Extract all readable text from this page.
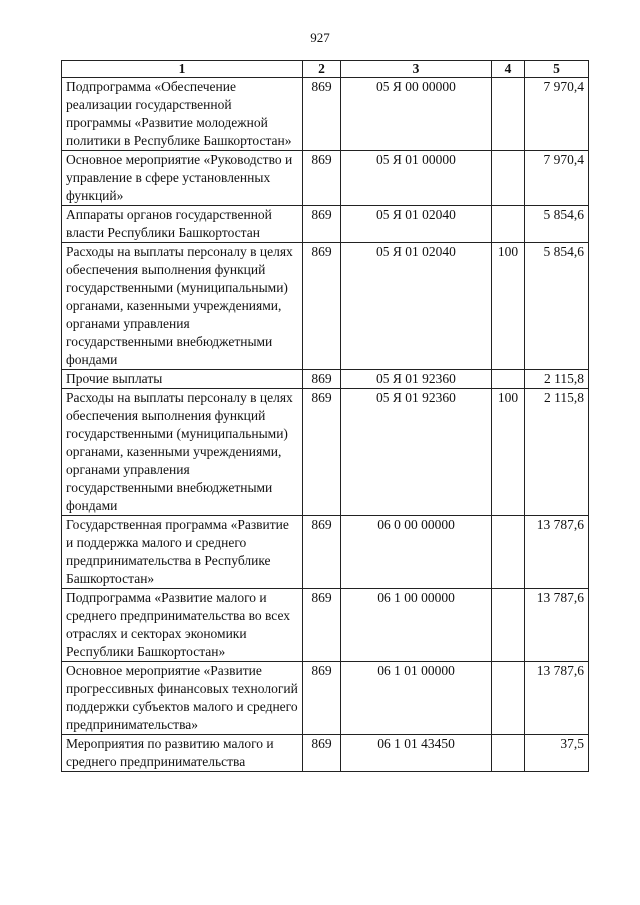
927
1	2	3	4	5
Подпрограмма «Обеспечение реализации государственной программы «Развитие молодежной политики в Республике Башкортостан»	869	05 Я 00 00000		7 970,4
Основное мероприятие «Руководство и управление в сфере установленных функций»	869	05 Я 01 00000		7 970,4
Аппараты органов государственной власти Республики Башкортостан	869	05 Я 01 02040		5 854,6
Расходы на выплаты персоналу в целях обеспечения выполнения функций государственными (муниципальными) органами, казенными учреждениями, органами управления государственными внебюджетными фондами	869	05 Я 01 02040	100	5 854,6
Прочие выплаты	869	05 Я 01 92360		2 115,8
Расходы на выплаты персоналу в целях обеспечения выполнения функций государственными (муниципальными) органами, казенными учреждениями, органами управления государственными внебюджетными фондами	869	05 Я 01 92360	100	2 115,8
Государственная программа «Развитие и поддержка малого и среднего предпринимательства в Республике Башкортостан»	869	06 0 00 00000		13 787,6
Подпрограмма «Развитие малого и среднего предпринимательства во всех отраслях и секторах экономики Республики Башкортостан»	869	06 1 00 00000		13 787,6
Основное мероприятие «Развитие прогрессивных финансовых технологий поддержки субъектов малого и среднего предпринимательства»	869	06 1 01 00000		13 787,6
Мероприятия по развитию малого и среднего предпринимательства	869	06 1 01 43450		37,5
